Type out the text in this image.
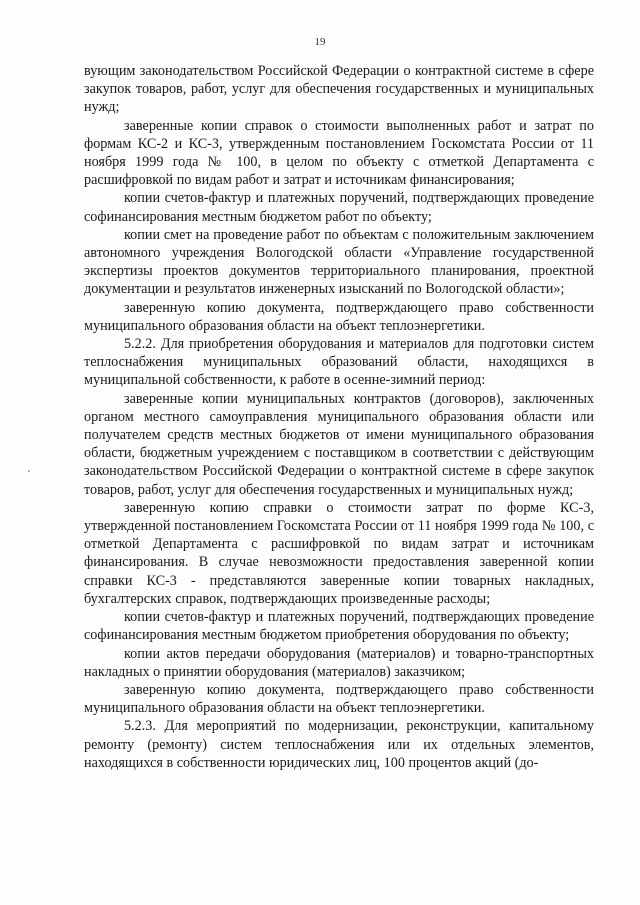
19

вующим законодательством Российской Федерации о контрактной системе в сфере закупок товаров, работ, услуг для обеспечения государственных и муниципальных нужд;

заверенные копии справок о стоимости выполненных работ и затрат по формам КС-2 и КС-3, утвержденным постановлением Госкомстата России от 11 ноября 1999 года № 100, в целом по объекту с отметкой Департамента с расшифровкой по видам работ и затрат и источникам финансирования;

копии счетов-фактур и платежных поручений, подтверждающих проведение софинансирования местным бюджетом работ по объекту;

копии смет на проведение работ по объектам с положительным заключением автономного учреждения Вологодской области «Управление государственной экспертизы проектов документов территориального планирования, проектной документации и результатов инженерных изысканий по Вологодской области»;

заверенную копию документа, подтверждающего право собственности муниципального образования области на объект теплоэнергетики.

5.2.2. Для приобретения оборудования и материалов для подготовки систем теплоснабжения муниципальных образований области, находящихся в муниципальной собственности, к работе в осенне-зимний период:

заверенные копии муниципальных контрактов (договоров), заключенных органом местного самоуправления муниципального образования области или получателем средств местных бюджетов от имени муниципального образования области, бюджетным учреждением с поставщиком в соответствии с действующим законодательством Российской Федерации о контрактной системе в сфере закупок товаров, работ, услуг для обеспечения государственных и муниципальных нужд;

заверенную копию справки о стоимости затрат по форме КС-3, утвержденной постановлением Госкомстата России от 11 ноября 1999 года № 100, с отметкой Департамента с расшифровкой по видам затрат и источникам финансирования. В случае невозможности предоставления заверенной копии справки КС-3 - представляются заверенные копии товарных накладных, бухгалтерских справок, подтверждающих произведенные расходы;

копии счетов-фактур и платежных поручений, подтверждающих проведение софинансирования местным бюджетом приобретения оборудования по объекту;

копии актов передачи оборудования (материалов) и товарно-транспортных накладных о принятии оборудования (материалов) заказчиком;

заверенную копию документа, подтверждающего право собственности муниципального образования области на объект теплоэнергетики.

5.2.3. Для мероприятий по модернизации, реконструкции, капитальному ремонту (ремонту) систем теплоснабжения или их отдельных элементов, находящихся в собственности юридических лиц, 100 процентов акций (до-
